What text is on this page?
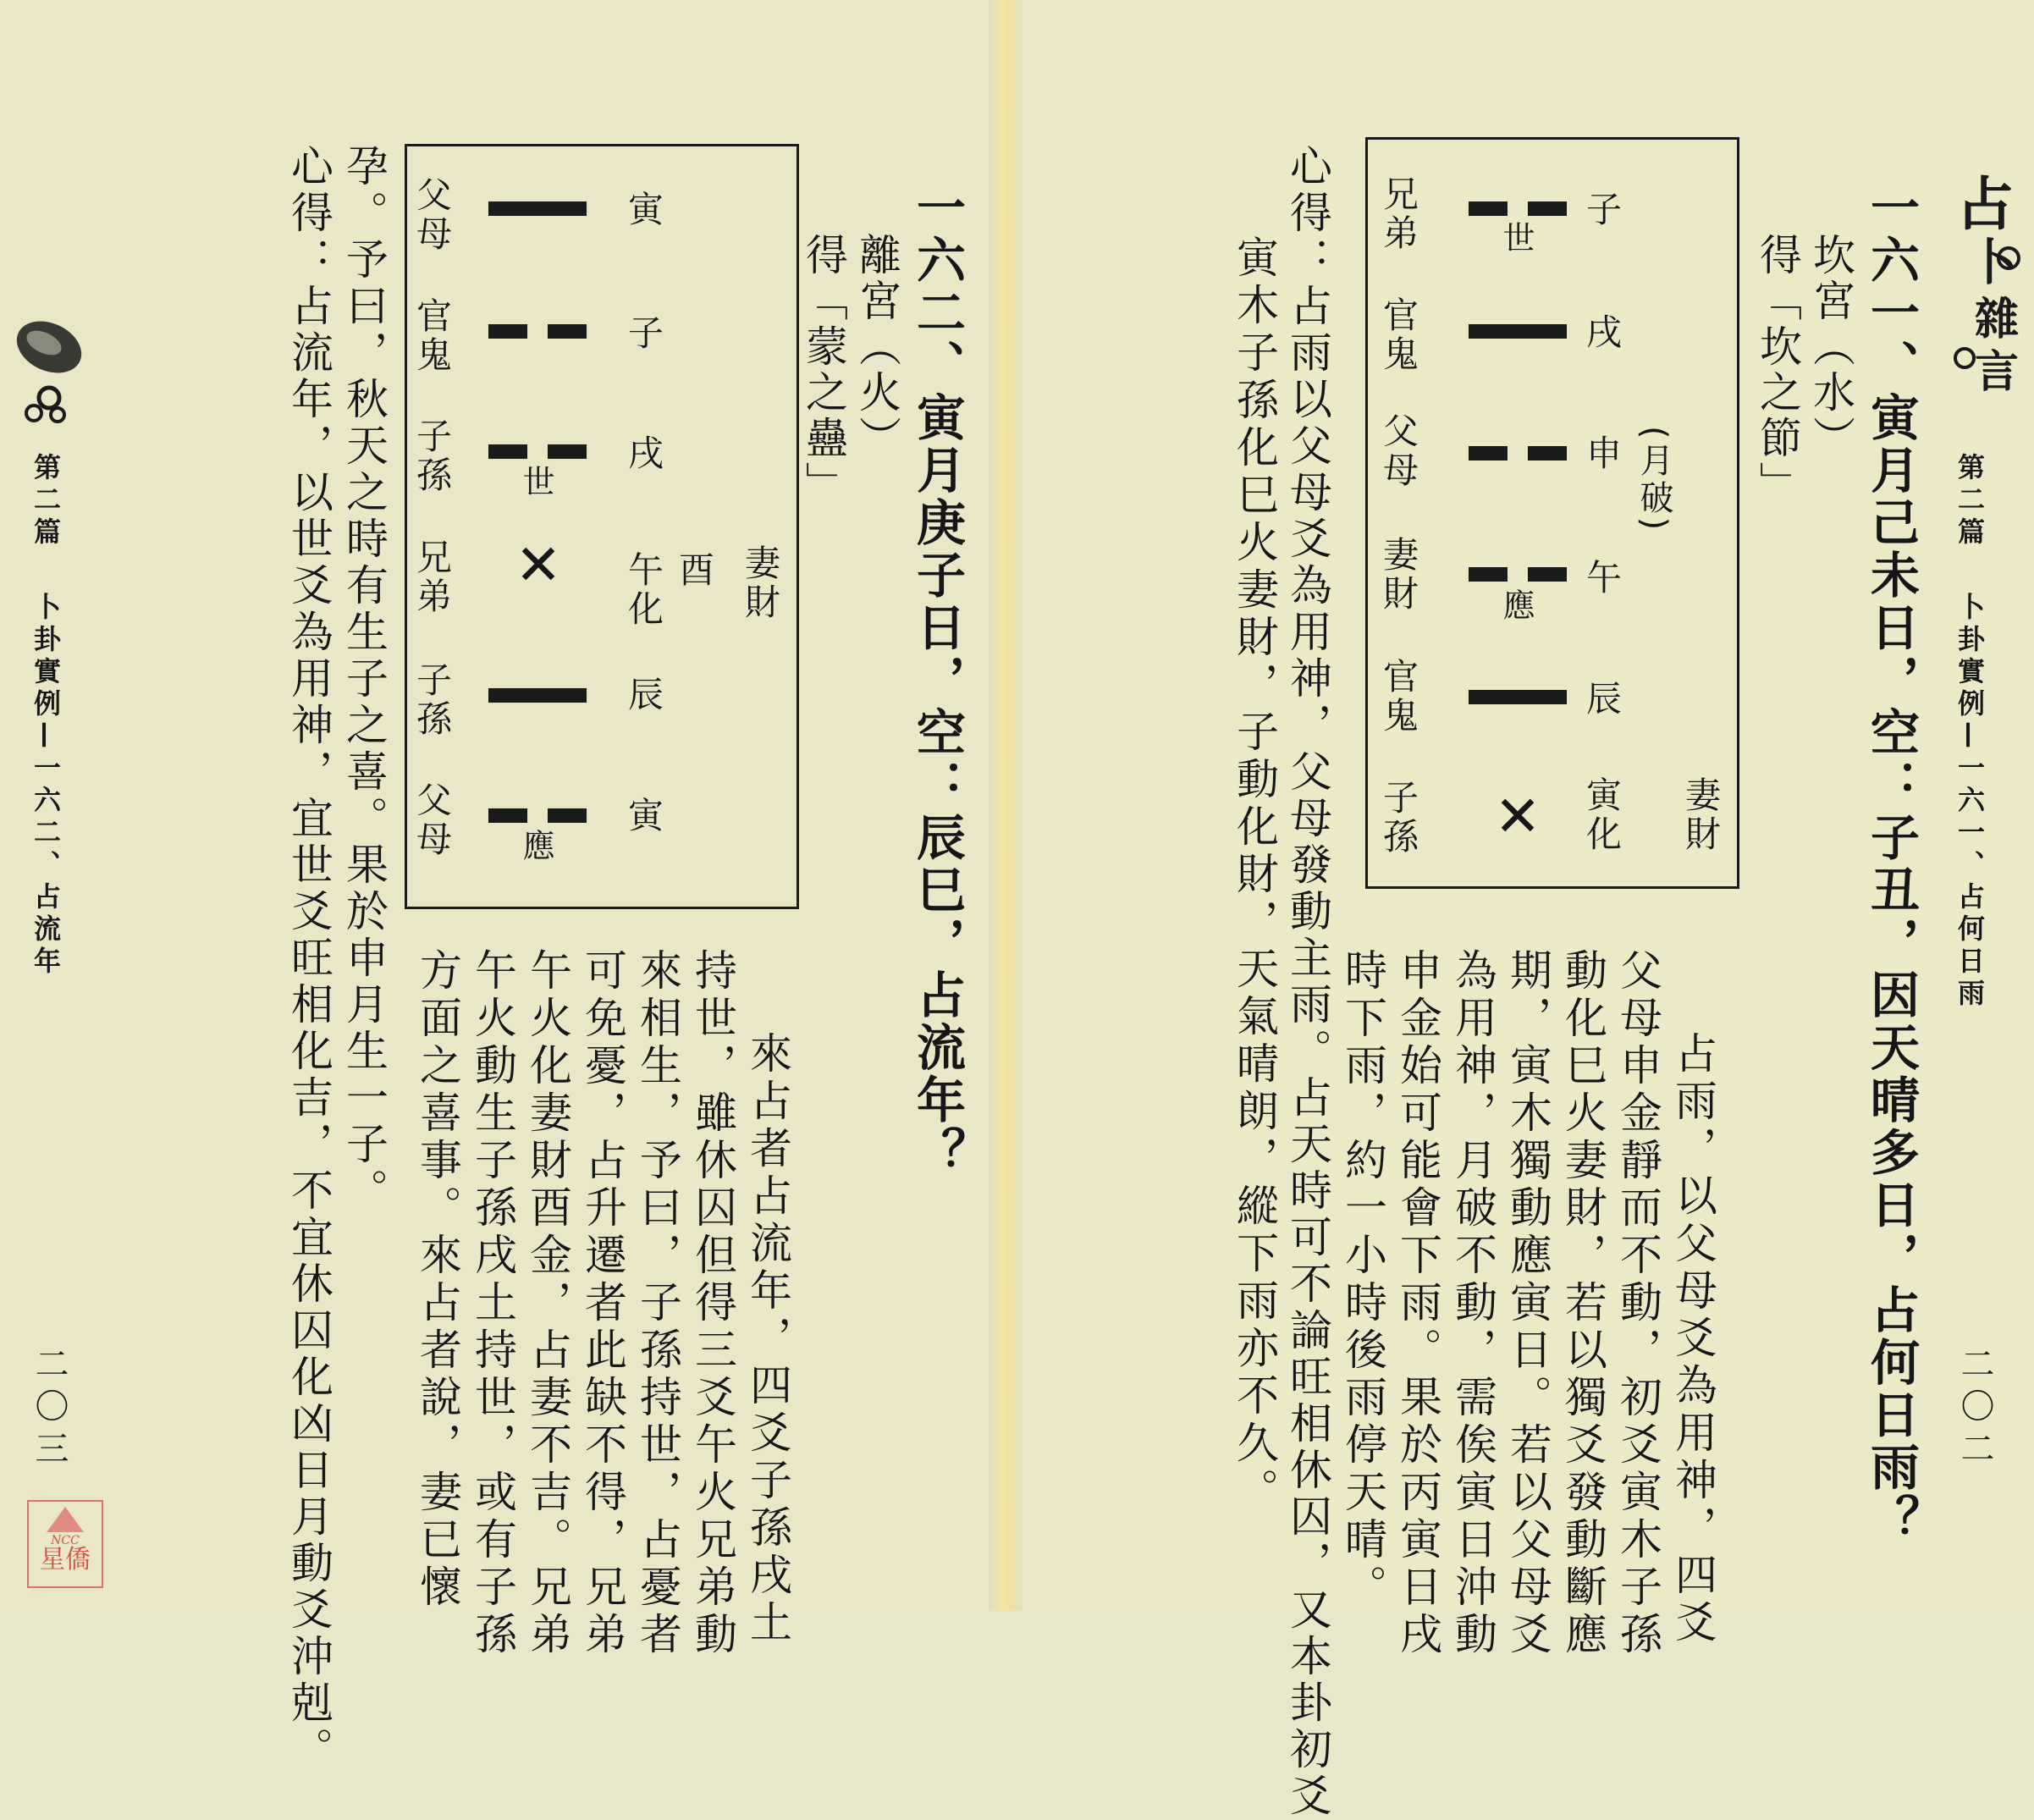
占
卜
雜
言
第二篇
卜卦實例—一六一、占何日雨
一六一、寅月己未日，空：子丑，因天晴多日，占何日雨？
坎宮（水）
得「坎之節」
妻財
(月破)
子
戌
申
午
辰
寅化
世
應
✕
兄弟
官鬼
父母
妻財
官鬼
子孫
占雨，以父母爻為用神，四爻
父母申金靜而不動，初爻寅木子孫
動化巳火妻財，若以獨爻發動斷應
期，寅木獨動應寅日。若以父母爻
為用神，月破不動，需俟寅日沖動
申金始可能會下雨。果於丙寅日戌
時下雨，約一小時後雨停天晴。
心得：占雨以父母爻為用神，父母發動主雨。占天時可不論旺相休囚，又本卦初爻
寅木子孫化巳火妻財，子動化財，天氣晴朗，縱下雨亦不久。	二〇二
第二篇
卜卦實例—一六二、占流年	一六二、寅月庚子日，空：辰巳，占流年？
離宮（火）
得「蒙之蠱」
妻財
寅
子
戌
午化 酉
辰
寅
世
✕
應
父母
官鬼
子孫
兄弟
子孫
父母
來占者占流年，四爻子孫戌土
持世，雖休囚但得三爻午火兄弟動
來相生，予曰，子孫持世，占憂者
可免憂，占升遷者此缺不得，兄弟
午火化妻財酉金，占妻不吉。兄弟
午火動生子孫戌土持世，或有子孫
方面之喜事。來占者說，妻已懷
孕。予曰，秋天之時有生子之喜。果於申月生一子。
心得：占流年，以世爻為用神，宜世爻旺相化吉，不宜休囚化凶日月動爻沖剋。
二〇三
NCC
星僑
